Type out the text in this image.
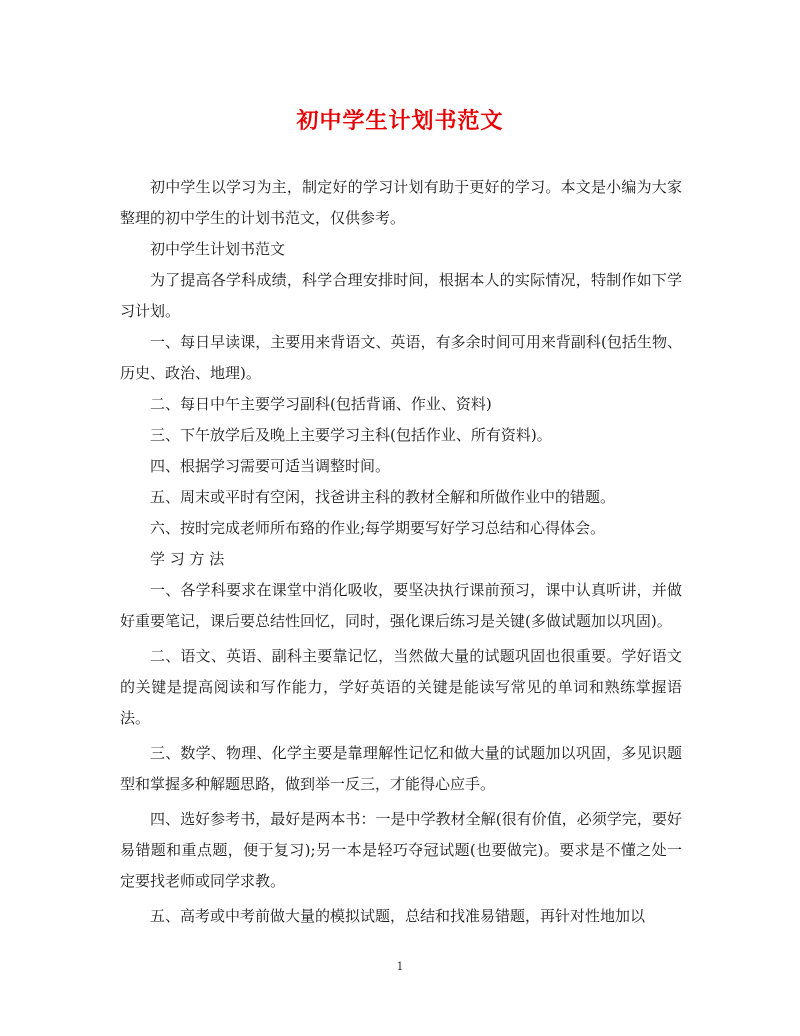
初中学生计划书范文

初中学生以学习为主，制定好的学习计划有助于更好的学习。本文是小编为大家整理的初中学生的计划书范文，仅供参考。

初中学生计划书范文

为了提高各学科成绩，科学合理安排时间，根据本人的实际情况，特制作如下学习计划。

一、每日早读课，主要用来背语文、英语，有多余时间可用来背副科(包括生物、历史、政治、地理)。

二、每日中午主要学习副科(包括背诵、作业、资料)

三、下午放学后及晚上主要学习主科(包括作业、所有资料)。

四、根据学习需要可适当调整时间。

五、周末或平时有空闲，找爸讲主科的教材全解和所做作业中的错题。

六、按时完成老师所布臵的作业;每学期要写好学习总结和心得体会。

学 习 方 法

一、各学科要求在课堂中消化吸收，要坚决执行课前预习，课中认真听讲，并做好重要笔记，课后要总结性回忆，同时，强化课后练习是关键(多做试题加以巩固)。

二、语文、英语、副科主要靠记忆，当然做大量的试题巩固也很重要。学好语文的关键是提高阅读和写作能力，学好英语的关键是能读写常见的单词和熟练掌握语法。

三、数学、物理、化学主要是靠理解性记忆和做大量的试题加以巩固，多见识题型和掌握多种解题思路，做到举一反三，才能得心应手。

四、选好参考书，最好是两本书：一是中学教材全解(很有价值，必须学完，要好易错题和重点题，便于复习);另一本是轻巧夺冠试题(也要做完)。要求是不懂之处一定要找老师或同学求教。

五、高考或中考前做大量的模拟试题，总结和找准易错题，再针对性地加以

1
